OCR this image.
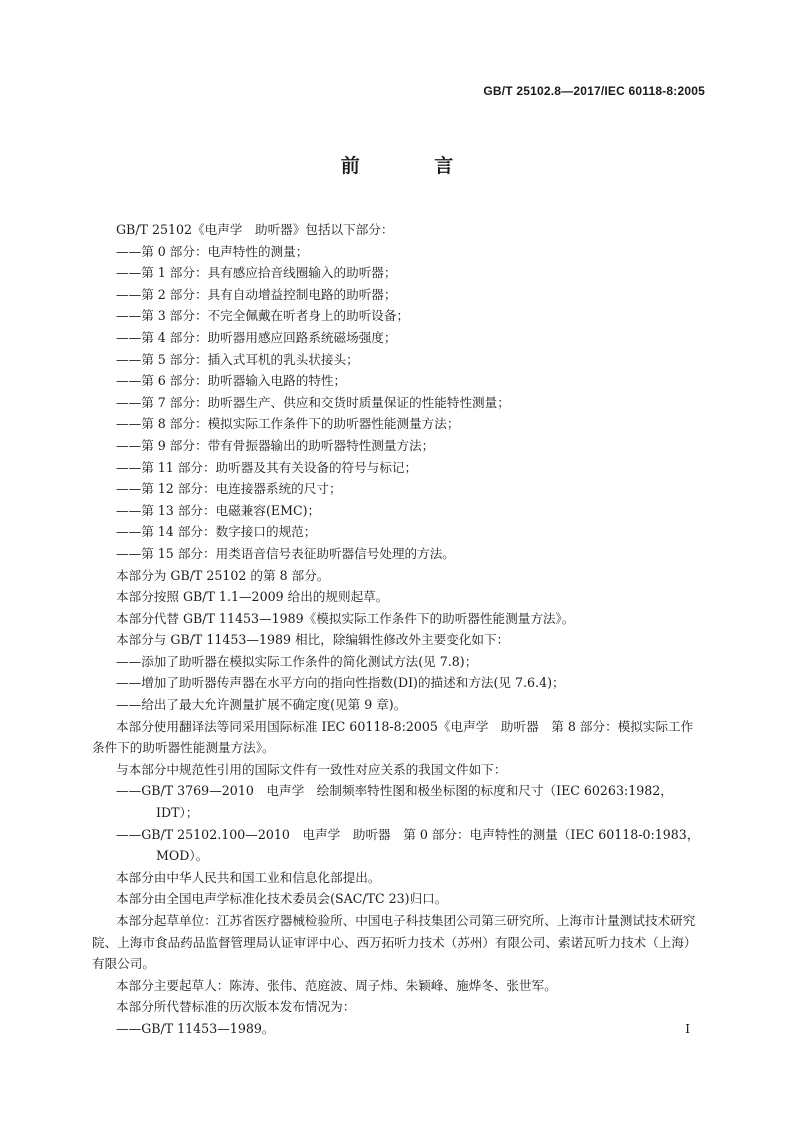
GB/T 25102.8—2017/IEC 60118-8:2005
前 言

GB/T 25102《电声学　助听器》包括以下部分：

——第 0 部分：电声特性的测量；

——第 1 部分：具有感应拾音线圈输入的助听器；

——第 2 部分：具有自动增益控制电路的助听器；

——第 3 部分：不完全佩戴在听者身上的助听设备；

——第 4 部分：助听器用感应回路系统磁场强度；

——第 5 部分：插入式耳机的乳头状接头；

——第 6 部分：助听器输入电路的特性；

——第 7 部分：助听器生产、供应和交货时质量保证的性能特性测量；

——第 8 部分：模拟实际工作条件下的助听器性能测量方法；

——第 9 部分：带有骨振器输出的助听器特性测量方法；

——第 11 部分：助听器及其有关设备的符号与标记；

——第 12 部分：电连接器系统的尺寸；

——第 13 部分：电磁兼容(EMC)；

——第 14 部分：数字接口的规范；

——第 15 部分：用类语音信号表征助听器信号处理的方法。

本部分为 GB/T 25102 的第 8 部分。

本部分按照 GB/T 1.1—2009 给出的规则起草。

本部分代替 GB/T 11453—1989《模拟实际工作条件下的助听器性能测量方法》。

本部分与 GB/T 11453—1989 相比，除编辑性修改外主要变化如下：

——添加了助听器在模拟实际工作条件的简化测试方法(见 7.8)；

——增加了助听器传声器在水平方向的指向性指数(DI)的描述和方法(见 7.6.4)；

——给出了最大允许测量扩展不确定度(见第 9 章)。

本部分使用翻译法等同采用国际标准 IEC 60118-8:2005《电声学　助听器　第 8 部分：模拟实际工作条件下的助听器性能测量方法》。

与本部分中规范性引用的国际文件有一致性对应关系的我国文件如下：

——GB/T 3769—2010　电声学　绘制频率特性图和极坐标图的标度和尺寸（IEC 60263:1982，IDT）；

——GB/T 25102.100—2010　电声学　助听器　第 0 部分：电声特性的测量（IEC 60118-0:1983，MOD）。

本部分由中华人民共和国工业和信息化部提出。

本部分由全国电声学标准化技术委员会(SAC/TC 23)归口。

本部分起草单位：江苏省医疗器械检验所、中国电子科技集团公司第三研究所、上海市计量测试技术研究院、上海市食品药品监督管理局认证审评中心、西万拓听力技术（苏州）有限公司、索诺瓦听力技术（上海）有限公司。

本部分主要起草人：陈涛、张伟、范庭波、周子炜、朱颖峰、施烨冬、张世军。

本部分所代替标准的历次版本发布情况为：

——GB/T 11453—1989。	I
